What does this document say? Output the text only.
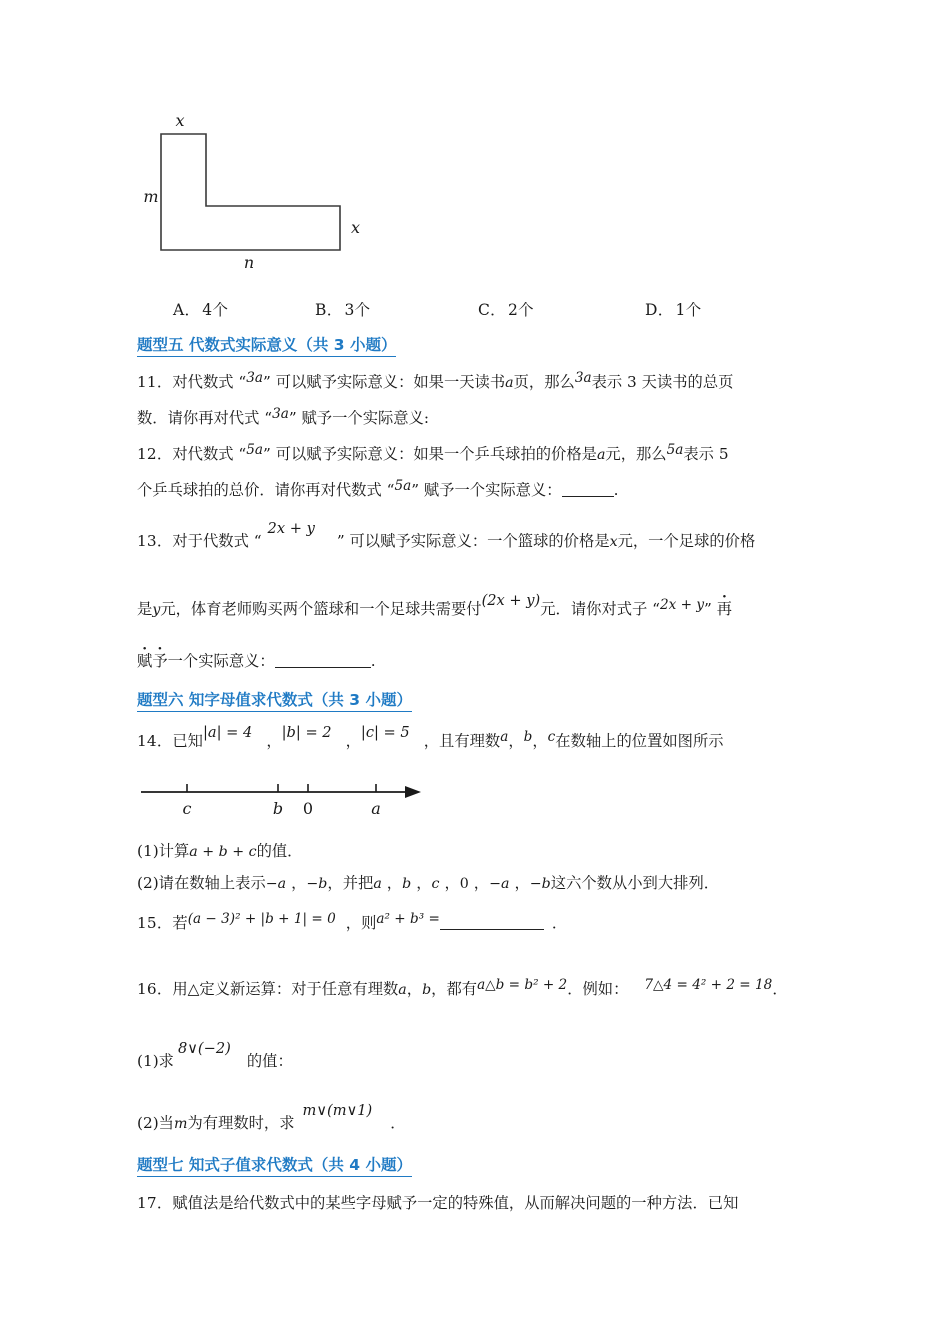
x
m
x
n
A． 4个	B． 3个	C． 2个	D． 1个
题型五 代数式实际意义（共 3 小题）
11．对代数式 “3a” 可以赋予实际意义：如果一天读书a页，那么3a表示 3 天读书的总页
数．请你再对代式 “3a” 赋予一个实际意义:
12．对代数式 “5a” 可以赋予实际意义：如果一个乒乓球拍的价格是a元，那么5a表示 5
个乒乓球拍的总价．请你再对代数式 “5a” 赋予一个实际意义：	.
13．对于代数式 “2x + y” 可以赋予实际意义：一个篮球的价格是x元，一个足球的价格
是y元，体育老师购买两个篮球和一个足球共需要付(2x + y)元．请你对式子 “2x + y” 再
赋予一个实际意义：	.
题型六 知字母值求代数式（共 3 小题）
14．已知|a| = 4 ，|b| = 2 ，|c| = 5 ，且有理数a，b，c在数轴上的位置如图所示
c	b 0	a
(1)计算a + b + c的值．
(2)请在数轴上表示−a ，−b，并把a ，b ，c ，0 ，−a ，−b这六个数从小到大排列．
15．若(a − 3)² + |b + 1| = 0 ，则a² + b³ =	．
16．用△定义新运算：对于任意有理数a，b，都有a△b = b² + 2．例如： 7△4 = 4² + 2 = 18．
(1)求8∨(−2)的值：
(2)当m为有理数时，求m∨(m∨1)．
题型七 知式子值求代数式（共 4 小题）
17．赋值法是给代数式中的某些字母赋予一定的特殊值，从而解决问题的一种方法．已知
